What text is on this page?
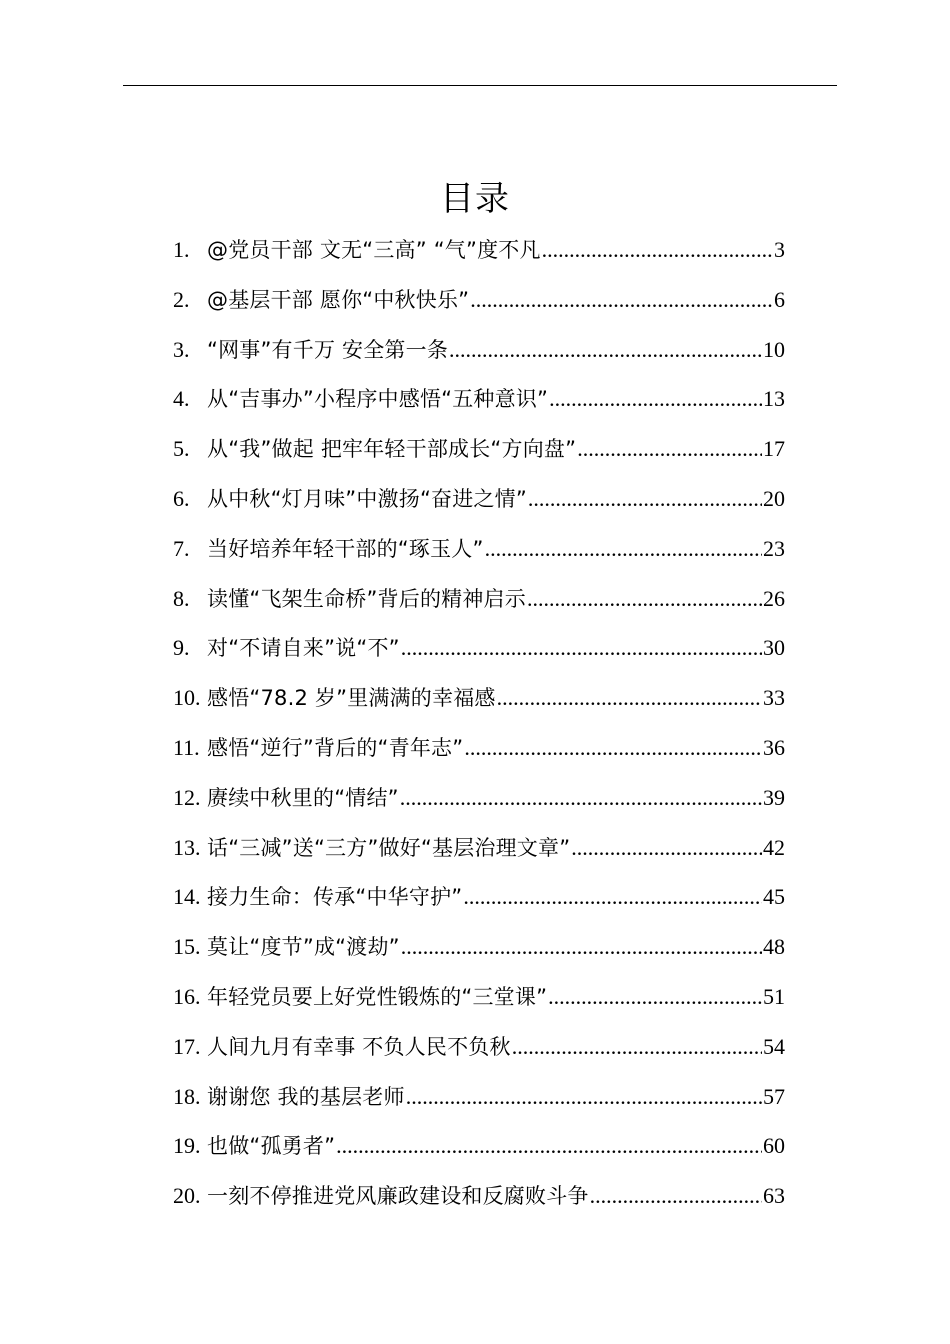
目录
1. @党员干部 文无“三高” “气”度不凡 .....	3
2. @基层干部 愿你“中秋快乐” .....	6
3. “网事”有千万 安全第一条 .....	10
4. 从“吉事办”小程序中感悟“五种意识” .....	13
5. 从“我”做起 把牢年轻干部成长“方向盘” .....	17
6. 从中秋“灯月味”中激扬“奋进之情” .....	20
7. 当好培养年轻干部的“琢玉人” .....	23
8. 读懂“飞架生命桥”背后的精神启示 .....	26
9. 对“不请自来”说“不” .....	30
10. 感悟“78.2 岁”里满满的幸福感 .....	33
11. 感悟“逆行”背后的“青年志” .....	36
12. 赓续中秋里的“情结” .....	39
13. 话“三减”送“三方”做好“基层治理文章” .....	42
14. 接力生命：传承“中华守护” .....	45
15. 莫让“度节”成“渡劫” .....	48
16. 年轻党员要上好党性锻炼的“三堂课” .....	51
17. 人间九月有幸事 不负人民不负秋 .....	54
18. 谢谢您 我的基层老师 .....	57
19. 也做“孤勇者” .....	60
20. 一刻不停推进党风廉政建设和反腐败斗争 .....	63
